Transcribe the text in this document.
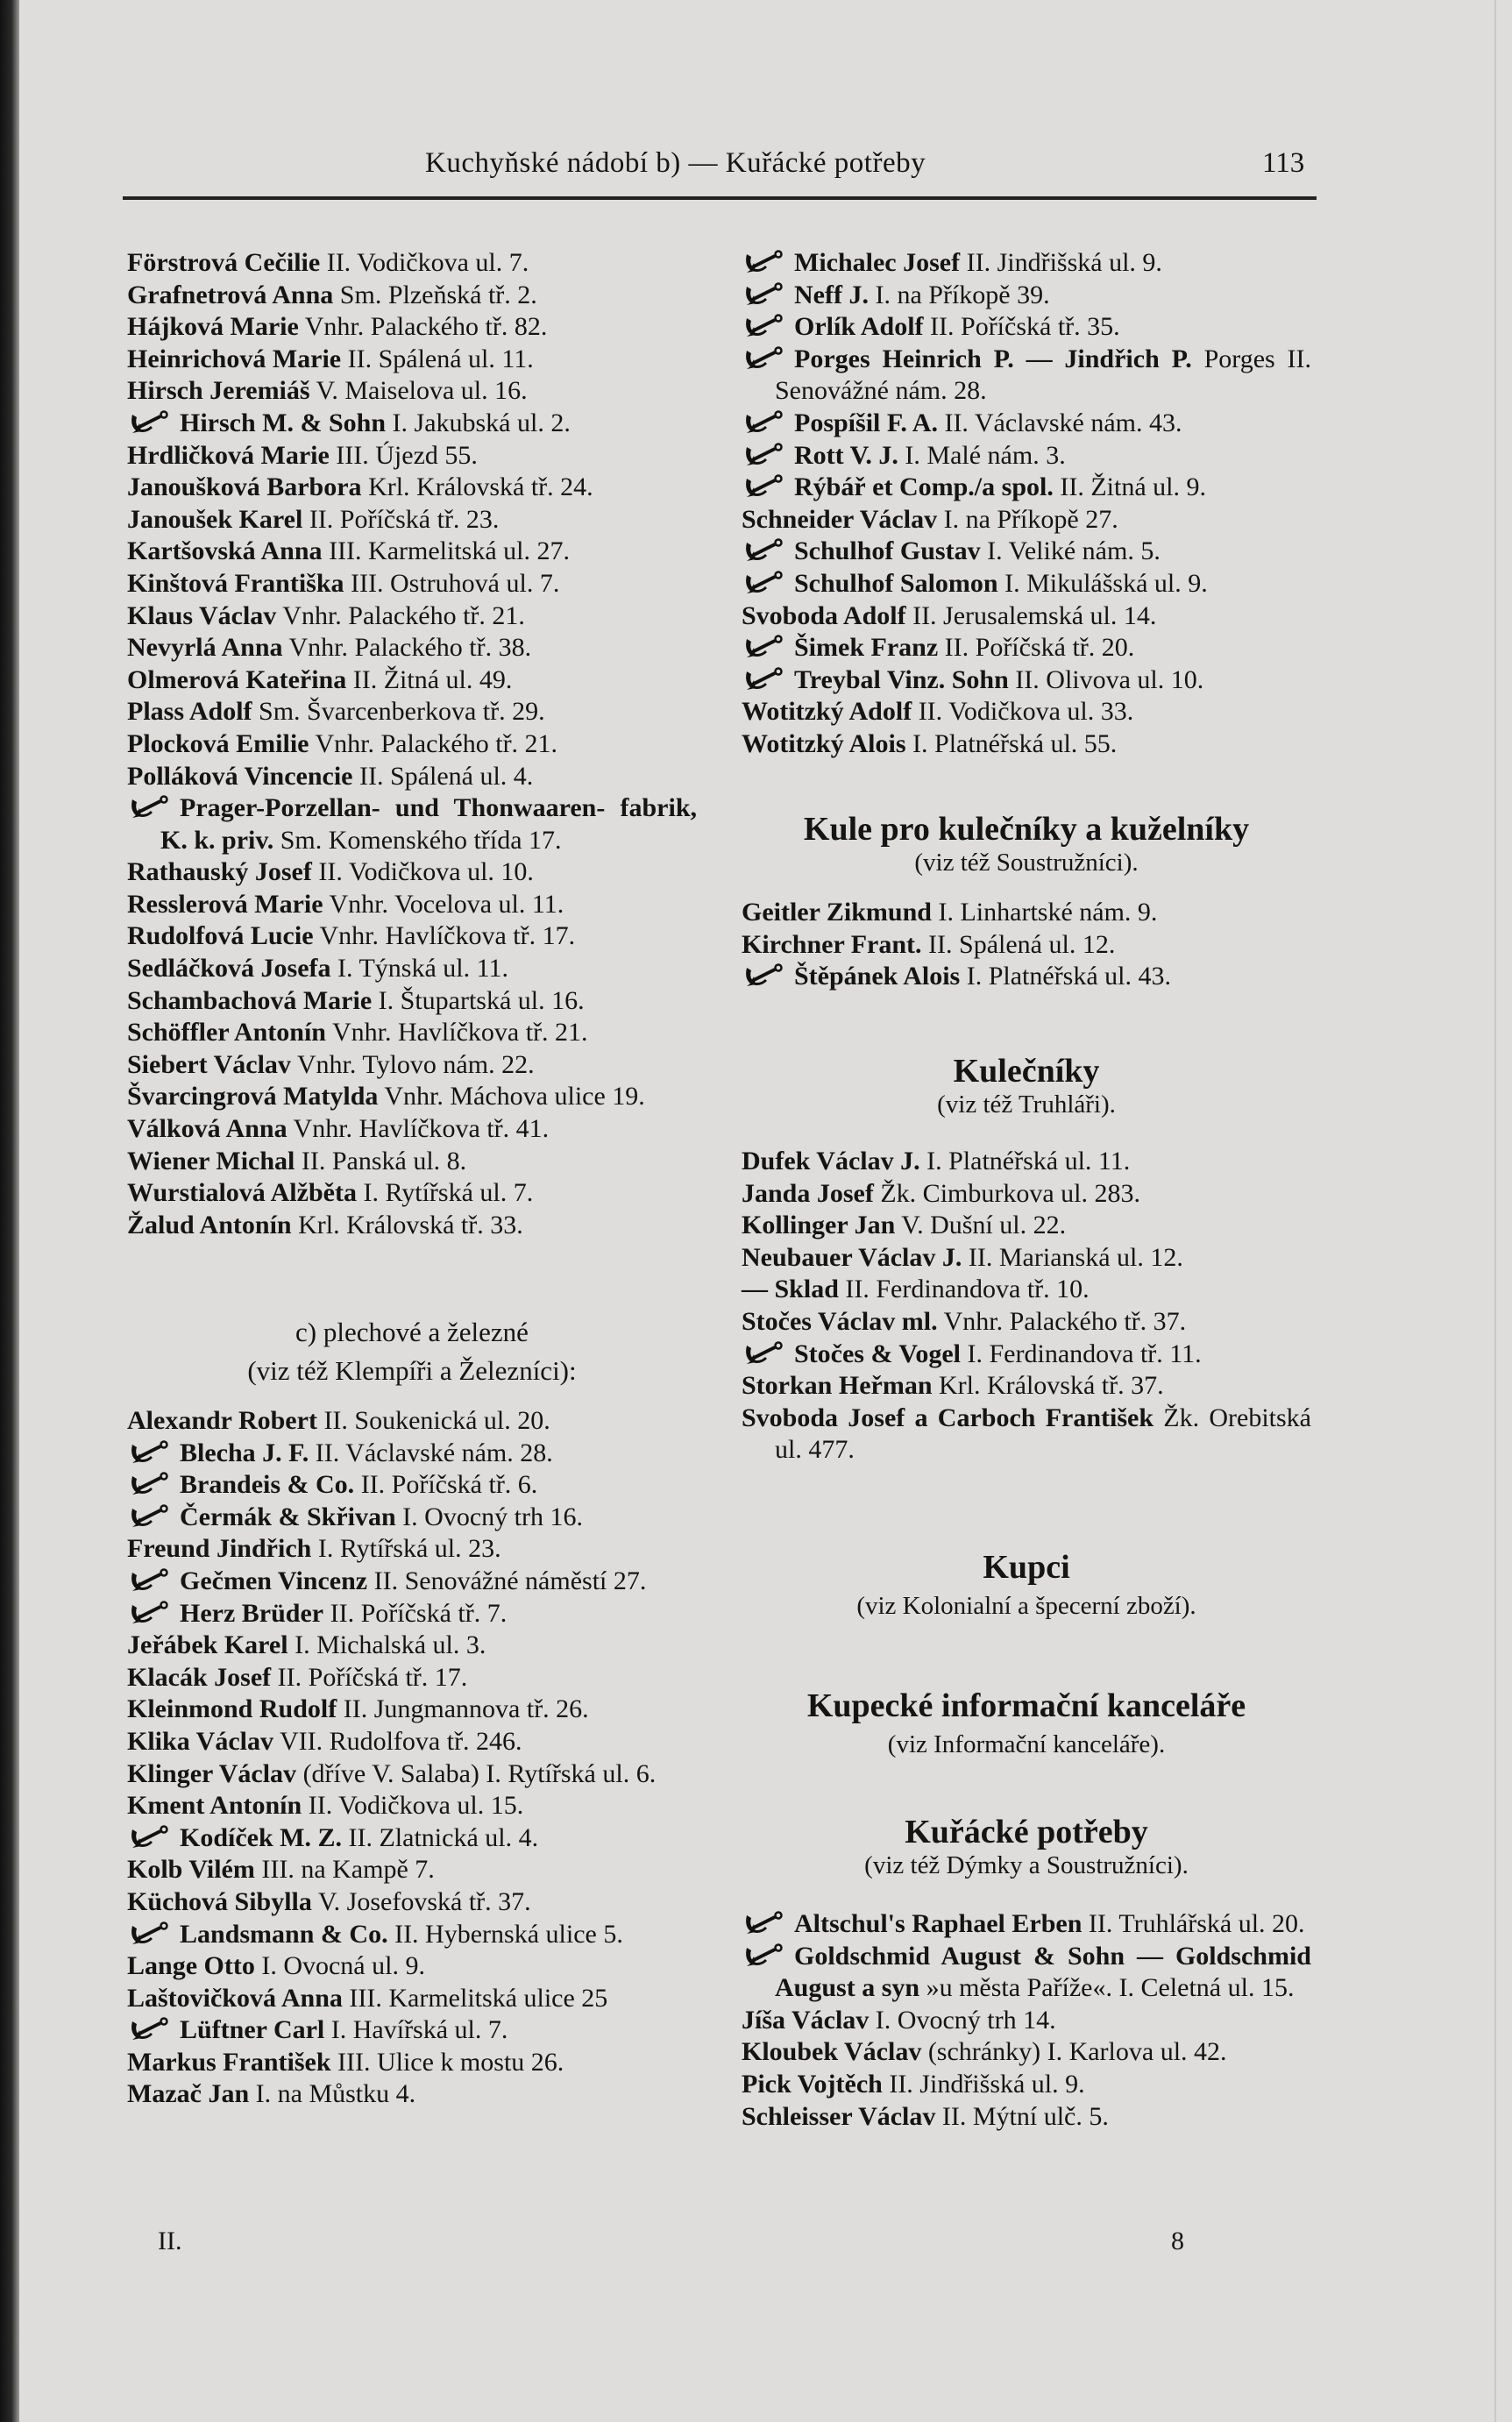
Kuchyňské nádobí b) — Kuřácké potřeby	113
Förstrová Cečilie II. Vodičkova ul. 7.
Grafnetrová Anna Sm. Plzeňská tř. 2.
Hájková Marie Vnhr. Palackého tř. 82.
Heinrichová Marie II. Spálená ul. 11.
Hirsch Jeremiáš V. Maiselova ul. 16.
Hirsch M. & Sohn I. Jakubská ul. 2.
Hrdličková Marie III. Újezd 55.
Janoušková Barbora Krl. Královská tř. 24.
Janoušek Karel II. Poříčská tř. 23.
Kartšovská Anna III. Karmelitská ul. 27.
Kinštová Františka III. Ostruhová ul. 7.
Klaus Václav Vnhr. Palackého tř. 21.
Nevyrlá Anna Vnhr. Palackého tř. 38.
Olmerová Kateřina II. Žitná ul. 49.
Plass Adolf Sm. Švarcenberkova tř. 29.
Plocková Emilie Vnhr. Palackého tř. 21.
Polláková Vincencie II. Spálená ul. 4.
Prager-Porzellan- und Thonwaaren- fabrik, K. k. priv. Sm. Komenského třída 17.
Rathauský Josef II. Vodičkova ul. 10.
Resslerová Marie Vnhr. Vocelova ul. 11.
Rudolfová Lucie Vnhr. Havlíčkova tř. 17.
Sedláčková Josefa I. Týnská ul. 11.
Schambachová Marie I. Štupartská ul. 16.
Schöffler Antonín Vnhr. Havlíčkova tř. 21.
Siebert Václav Vnhr. Tylovo nám. 22.
Švarcingrová Matylda Vnhr. Máchova ulice 19.
Válková Anna Vnhr. Havlíčkova tř. 41.
Wiener Michal II. Panská ul. 8.
Wurstialová Alžběta I. Rytířská ul. 7.
Žalud Antonín Krl. Královská tř. 33.
c) plechové a železné
(viz též Klempíři a Železníci):
Alexandr Robert II. Soukenická ul. 20.
Blecha J. F. II. Václavské nám. 28.
Brandeis & Co. II. Poříčská tř. 6.
Čermák & Skřivan I. Ovocný trh 16.
Freund Jindřich I. Rytířská ul. 23.
Gečmen Vincenz II. Senovážné náměstí 27.
Herz Brüder II. Poříčská tř. 7.
Jeřábek Karel I. Michalská ul. 3.
Klacák Josef II. Poříčská tř. 17.
Kleinmond Rudolf II. Jungmannova tř. 26.
Klika Václav VII. Rudolfova tř. 246.
Klinger Václav (dříve V. Salaba) I. Rytířská ul. 6.
Kment Antonín II. Vodičkova ul. 15.
Kodíček M. Z. II. Zlatnická ul. 4.
Kolb Vilém III. na Kampě 7.
Küchová Sibylla V. Josefovská tř. 37.
Landsmann & Co. II. Hybernská ulice 5.
Lange Otto I. Ovocná ul. 9.
Laštovičková Anna III. Karmelitská ulice 25
Lüftner Carl I. Havířská ul. 7.
Markus František III. Ulice k mostu 26.
Mazač Jan I. na Můstku 4.
II.
Michalec Josef II. Jindřišská ul. 9.
Neff J. I. na Příkopě 39.
Orlík Adolf II. Poříčská tř. 35.
Porges Heinrich P. — Jindřich P. Porges II. Senovážné nám. 28.
Pospíšil F. A. II. Václavské nám. 43.
Rott V. J. I. Malé nám. 3.
Rýbář et Comp./a spol. II. Žitná ul. 9.
Schneider Václav I. na Příkopě 27.
Schulhof Gustav I. Veliké nám. 5.
Schulhof Salomon I. Mikulášská ul. 9.
Svoboda Adolf II. Jerusalemská ul. 14.
Šimek Franz II. Poříčská tř. 20.
Treybal Vinz. Sohn II. Olivova ul. 10.
Wotitzký Adolf II. Vodičkova ul. 33.
Wotitzký Alois I. Platnéřská ul. 55.
Kule pro kulečníky a kuželníky
(viz též Soustružníci).
Geitler Zikmund I. Linhartské nám. 9.
Kirchner Frant. II. Spálená ul. 12.
Štěpánek Alois I. Platnéřská ul. 43.
Kulečníky
(viz též Truhláři).
Dufek Václav J. I. Platnéřská ul. 11.
Janda Josef Žk. Cimburkova ul. 283.
Kollinger Jan V. Dušní ul. 22.
Neubauer Václav J. II. Marianská ul. 12.
— Sklad II. Ferdinandova tř. 10.
Stočes Václav ml. Vnhr. Palackého tř. 37.
Stočes & Vogel I. Ferdinandova tř. 11.
Storkan Heřman Krl. Královská tř. 37.
Svoboda Josef a Carboch František Žk. Orebitská ul. 477.
Kupci
(viz Kolonialní a špecerní zboží).
Kupecké informační kanceláře
(viz Informační kanceláře).
Kuřácké potřeby
(viz též Dýmky a Soustružníci).
Altschul's Raphael Erben II. Truhlářská ul. 20.
Goldschmid August & Sohn — Goldschmid August a syn »u města Paříže«. I. Celetná ul. 15.
Jíša Václav I. Ovocný trh 14.
Kloubek Václav (schránky) I. Karlova ul. 42.
Pick Vojtěch II. Jindřišská ul. 9.
Schleisser Václav II. Mýtní ulč. 5.
8
